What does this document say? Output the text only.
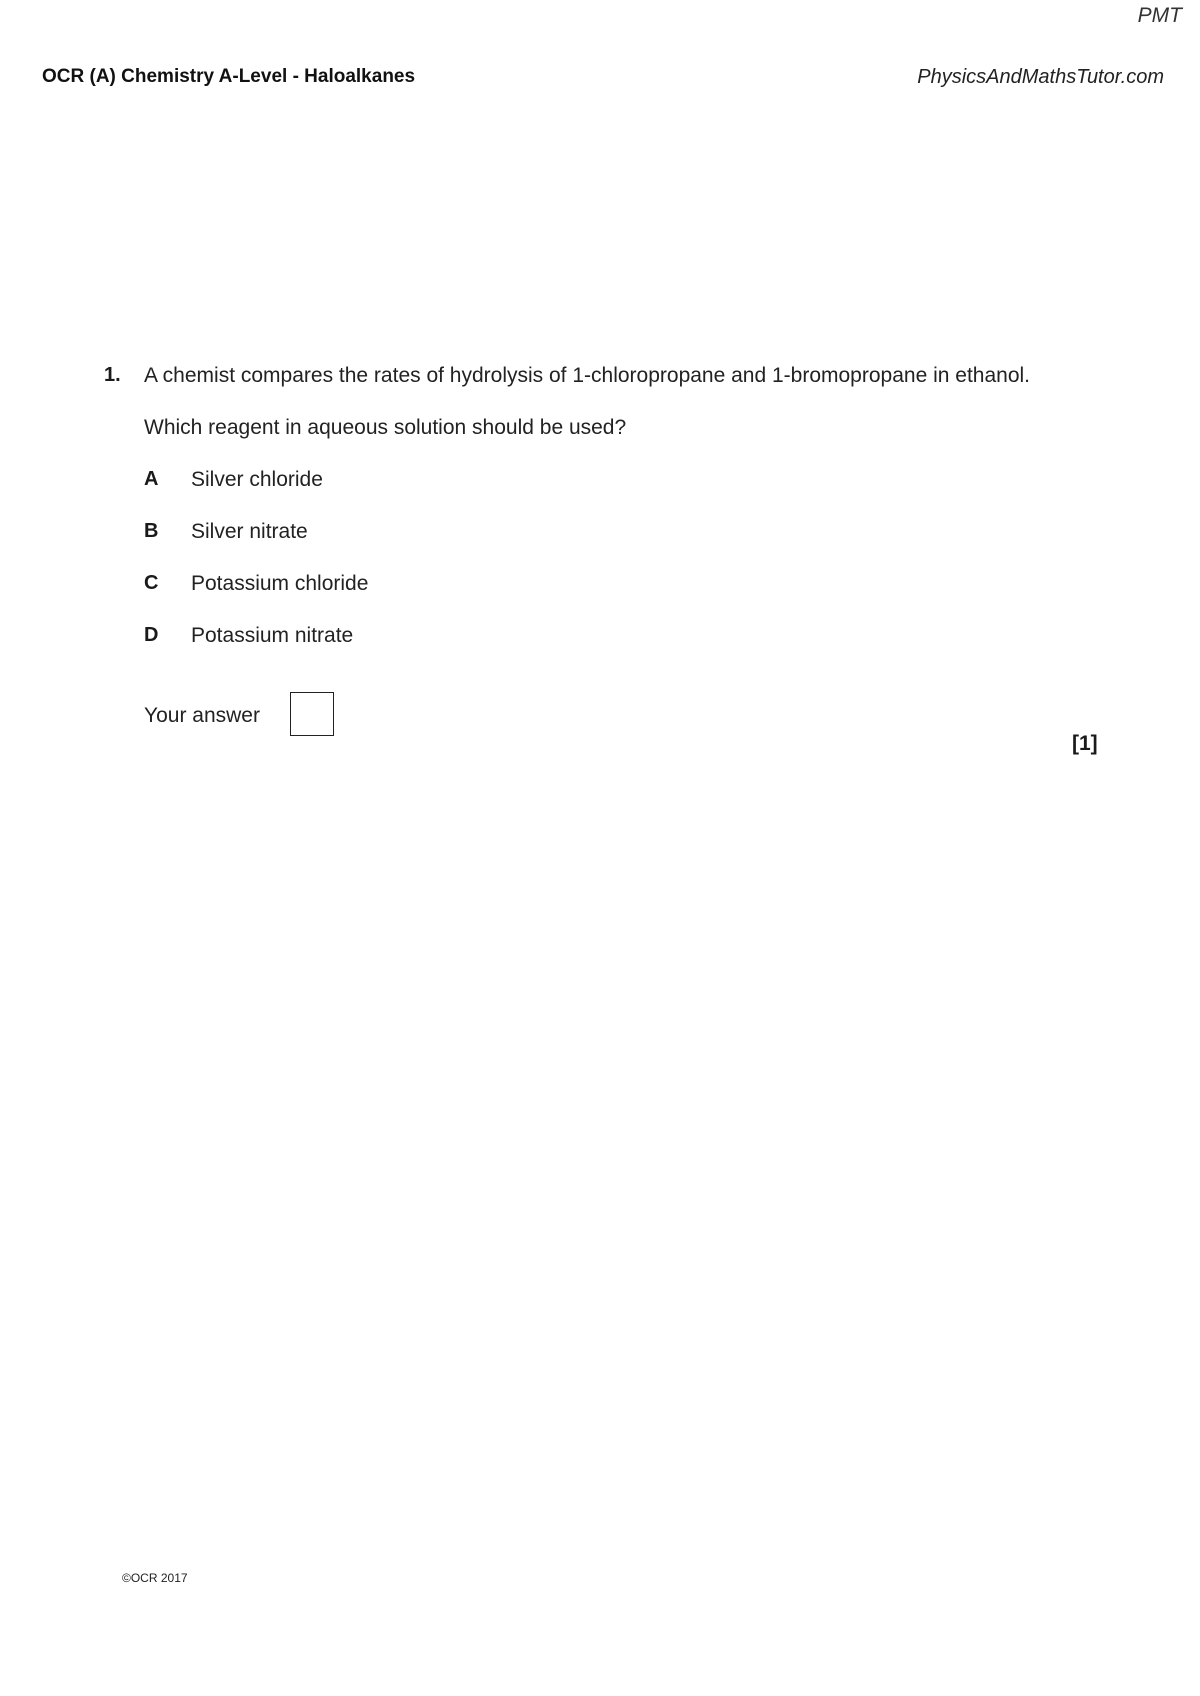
PMT
OCR (A) Chemistry A-Level - Haloalkanes	PhysicsAndMathsTutor.com
1. A chemist compares the rates of hydrolysis of 1-chloropropane and 1-bromopropane in ethanol.
Which reagent in aqueous solution should be used?
A Silver chloride
B Silver nitrate
C Potassium chloride
D Potassium nitrate
Your answer
[1]
©OCR 2017
